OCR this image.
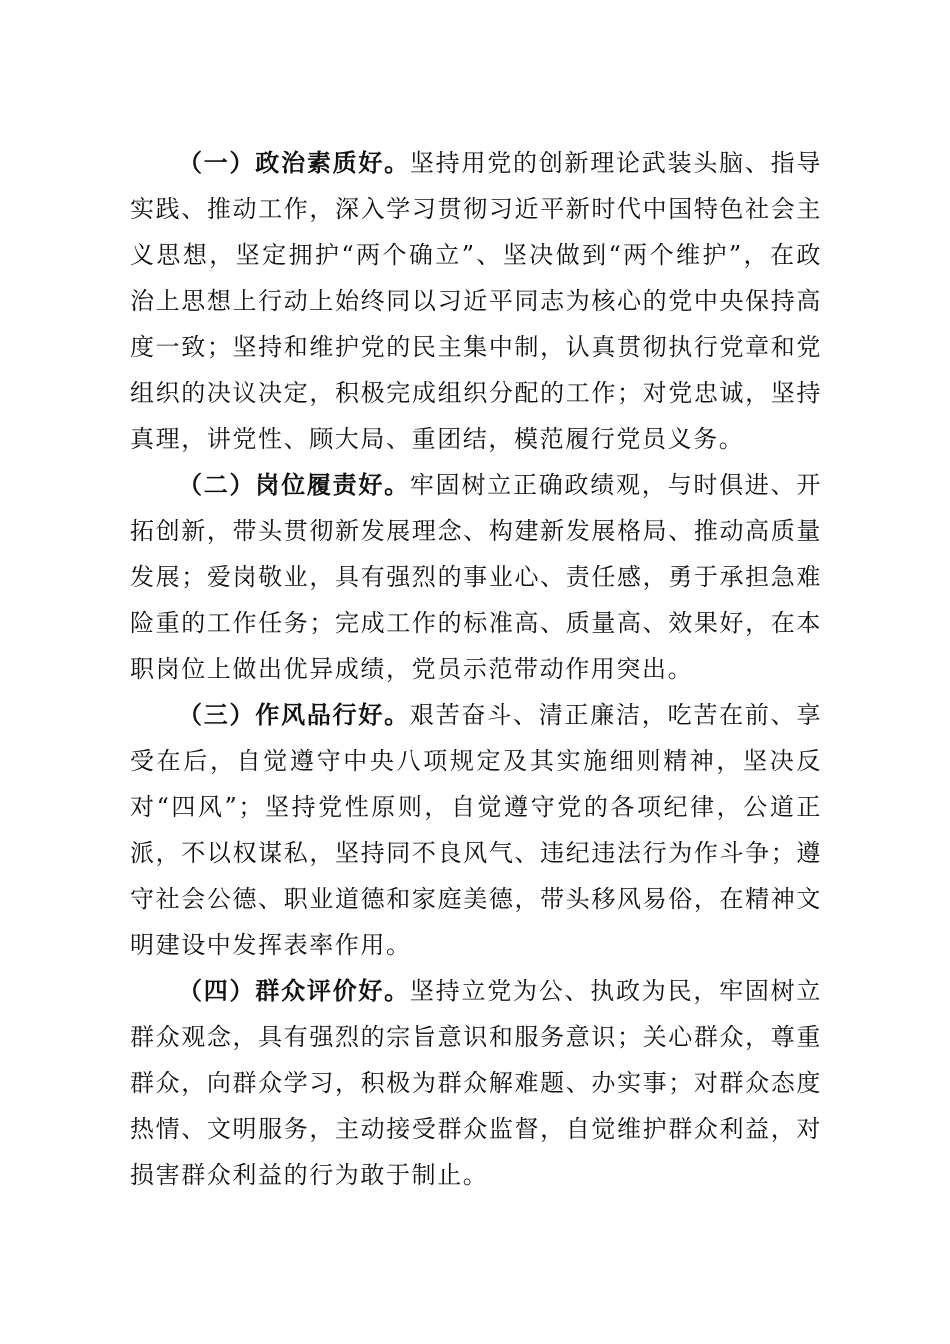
（一）政治素质好。坚持用党的创新理论武装头脑、指导实践、推动工作，深入学习贯彻习近平新时代中国特色社会主义思想，坚定拥护“两个确立”、坚决做到“两个维护”，在政治上思想上行动上始终同以习近平同志为核心的党中央保持高度一致；坚持和维护党的民主集中制，认真贯彻执行党章和党组织的决议决定，积极完成组织分配的工作；对党忠诚，坚持真理，讲党性、顾大局、重团结，模范履行党员义务。

（二）岗位履责好。牢固树立正确政绩观，与时俱进、开拓创新，带头贯彻新发展理念、构建新发展格局、推动高质量发展；爱岗敬业，具有强烈的事业心、责任感，勇于承担急难险重的工作任务；完成工作的标准高、质量高、效果好，在本职岗位上做出优异成绩，党员示范带动作用突出。

（三）作风品行好。艰苦奋斗、清正廉洁，吃苦在前、享受在后，自觉遵守中央八项规定及其实施细则精神，坚决反对“四风”；坚持党性原则，自觉遵守党的各项纪律，公道正派，不以权谋私，坚持同不良风气、违纪违法行为作斗争；遵守社会公德、职业道德和家庭美德，带头移风易俗，在精神文明建设中发挥表率作用。

（四）群众评价好。坚持立党为公、执政为民，牢固树立群众观念，具有强烈的宗旨意识和服务意识；关心群众，尊重群众，向群众学习，积极为群众解难题、办实事；对群众态度热情、文明服务，主动接受群众监督，自觉维护群众利益，对损害群众利益的行为敢于制止。
